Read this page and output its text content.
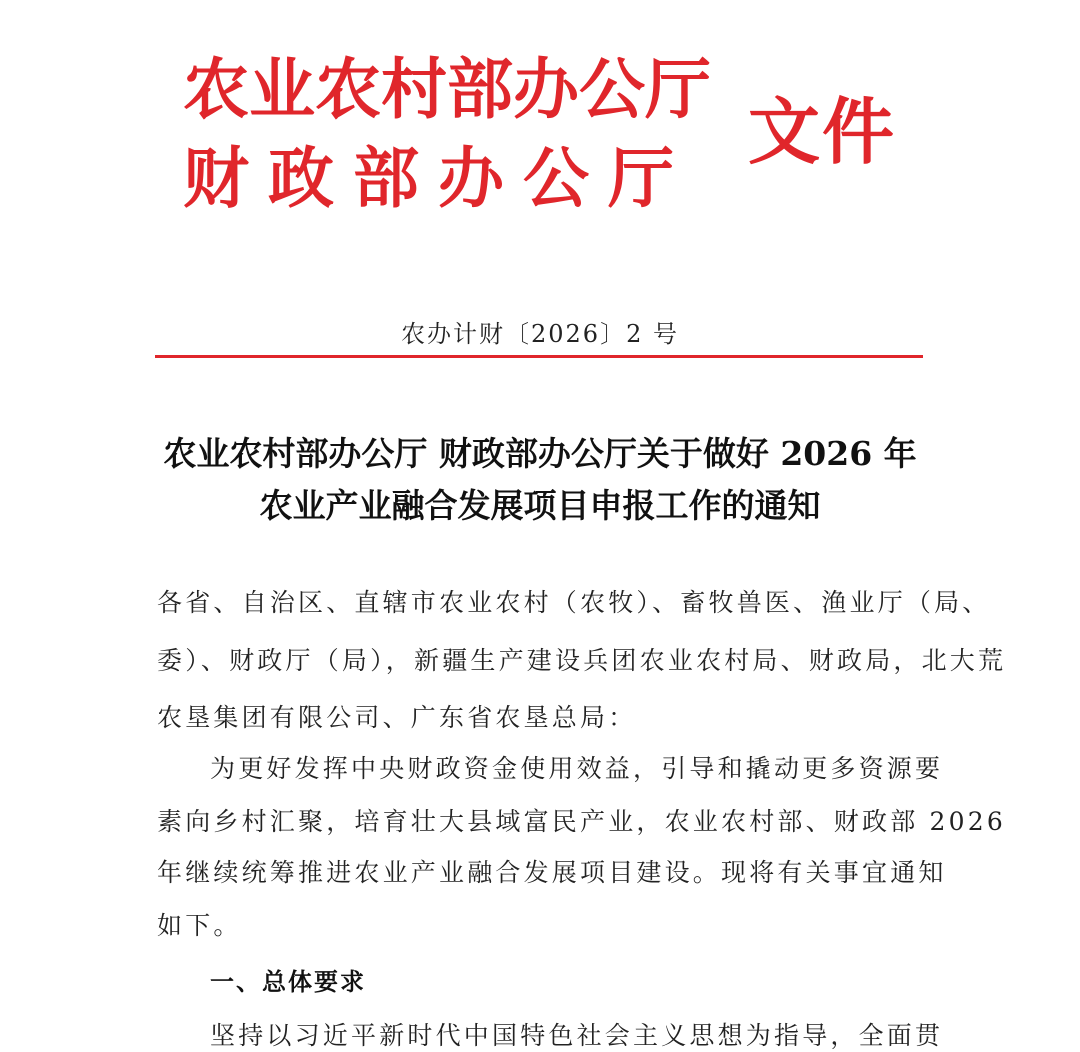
农业农村部办公厅
财政部办公厅
文件
农办计财〔2026〕2 号
农业农村部办公厅 财政部办公厅关于做好 2026 年
农业产业融合发展项目申报工作的通知
各省、自治区、直辖市农业农村（农牧）、畜牧兽医、渔业厅（局、
委）、财政厅（局），新疆生产建设兵团农业农村局、财政局，北大荒
农垦集团有限公司、广东省农垦总局：
为更好发挥中央财政资金使用效益，引导和撬动更多资源要
素向乡村汇聚，培育壮大县域富民产业，农业农村部、财政部 2026
年继续统筹推进农业产业融合发展项目建设。现将有关事宜通知
如下。
一、总体要求
坚持以习近平新时代中国特色社会主义思想为指导，全面贯
